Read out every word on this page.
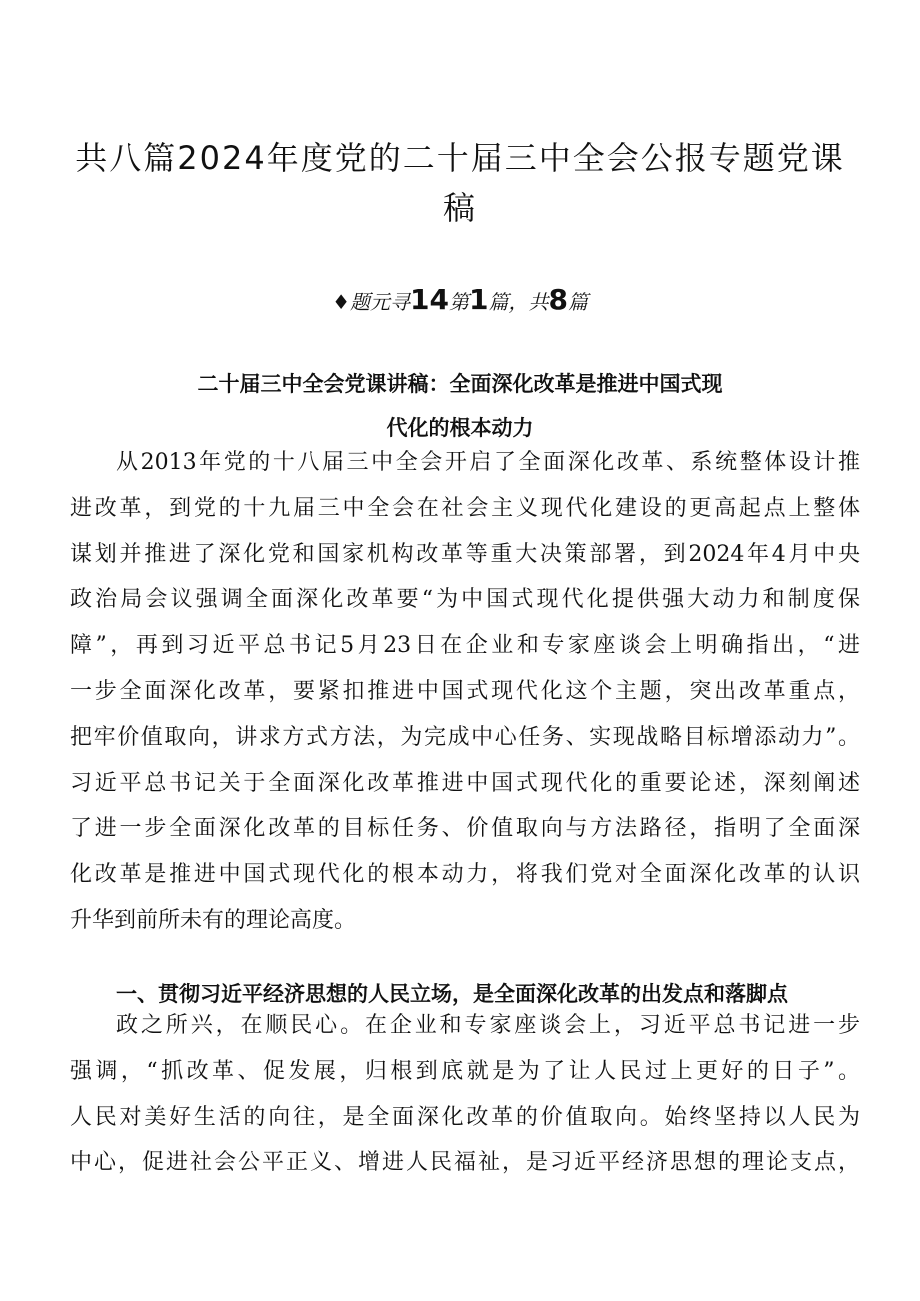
共八篇2024年度党的二十届三中全会公报专题党课
稿
♦题元寻14第1篇，共8篇
二十届三中全会党课讲稿：全面深化改革是推进中国式现
代化的根本动力
从2013年党的十八届三中全会开启了全面深化改革、系统整体设计推
进改革，到党的十九届三中全会在社会主义现代化建设的更高起点上整体
谋划并推进了深化党和国家机构改革等重大决策部署，到2024年4月中央
政治局会议强调全面深化改革要“为中国式现代化提供强大动力和制度保
障”，再到习近平总书记5月23日在企业和专家座谈会上明确指出，“进
一步全面深化改革，要紧扣推进中国式现代化这个主题，突出改革重点，
把牢价值取向，讲求方式方法，为完成中心任务、实现战略目标增添动力”。
习近平总书记关于全面深化改革推进中国式现代化的重要论述，深刻阐述
了进一步全面深化改革的目标任务、价值取向与方法路径，指明了全面深
化改革是推进中国式现代化的根本动力，将我们党对全面深化改革的认识
升华到前所未有的理论高度。
一、贯彻习近平经济思想的人民立场，是全面深化改革的出发点和落脚点
政之所兴，在顺民心。在企业和专家座谈会上，习近平总书记进一步
强调，“抓改革、促发展，归根到底就是为了让人民过上更好的日子”。
人民对美好生活的向往，是全面深化改革的价值取向。始终坚持以人民为
中心，促进社会公平正义、增进人民福祉，是习近平经济思想的理论支点，
